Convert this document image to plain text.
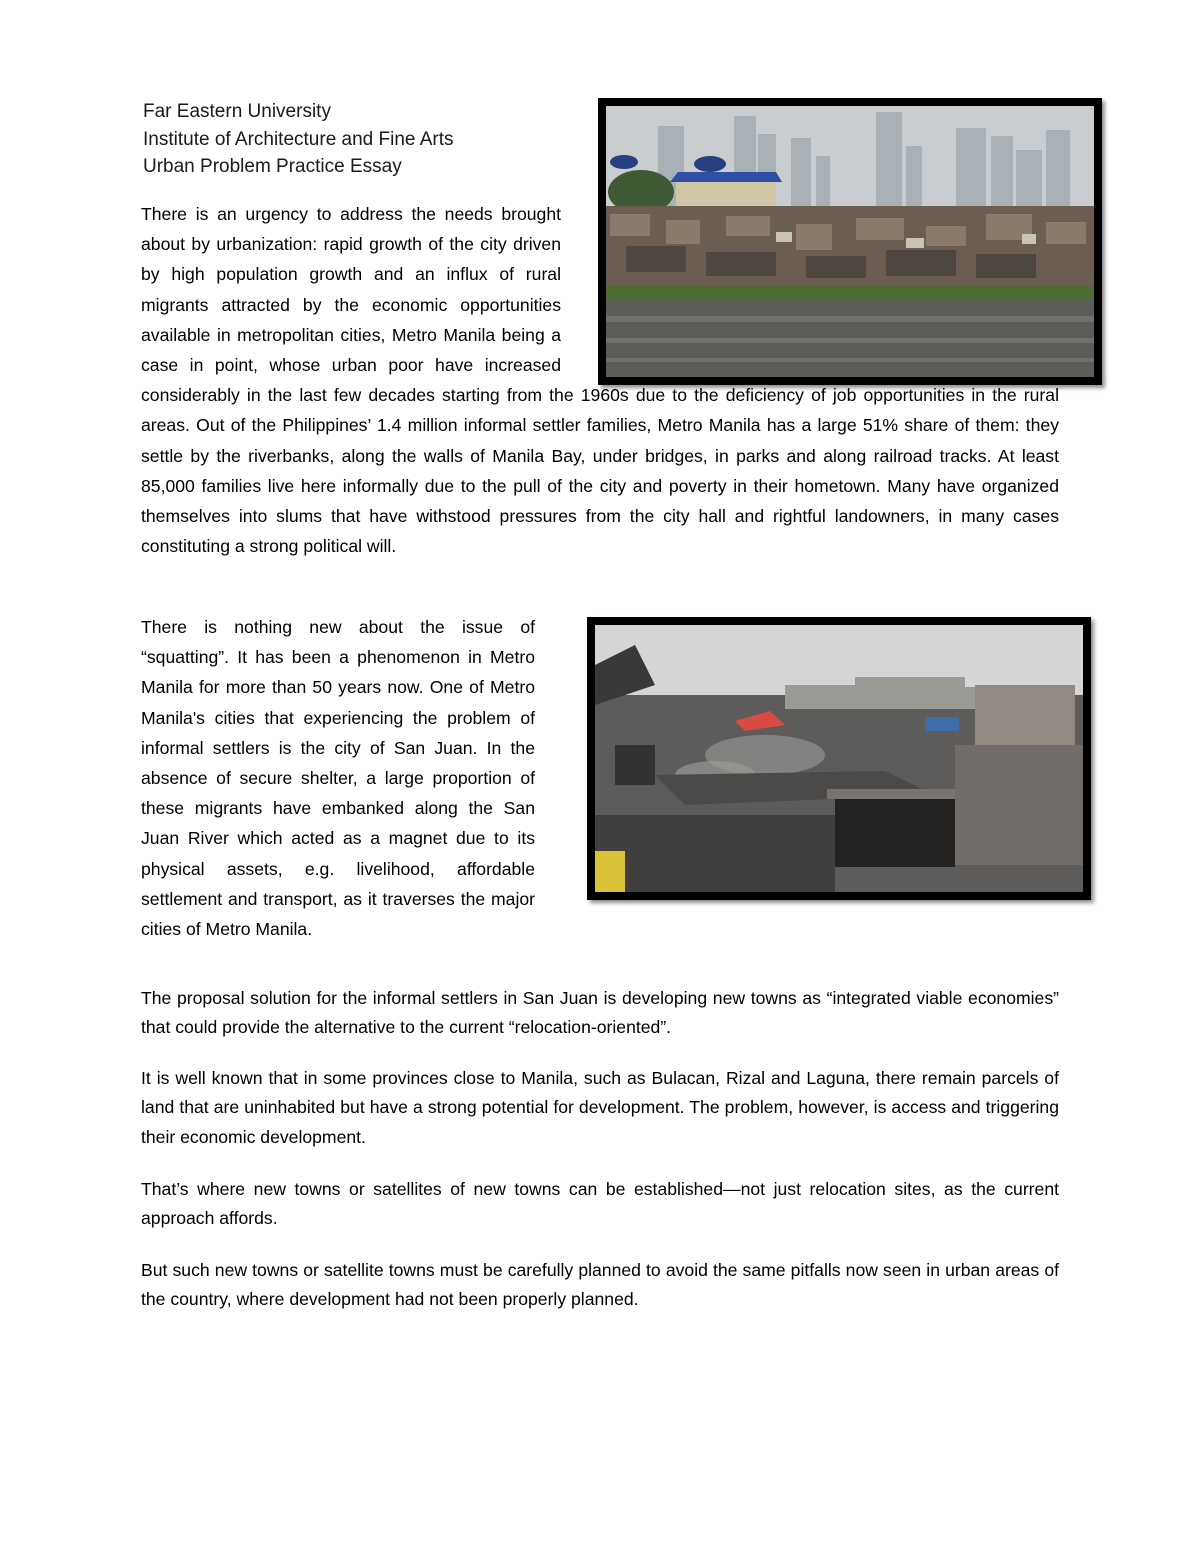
Far Eastern University
Institute of Architecture and Fine Arts
Urban Problem Practice Essay

There is an urgency to address the needs brought about by urbanization: rapid growth of the city driven by high population growth and an influx of rural migrants attracted by the economic opportunities available in metropolitan cities, Metro Manila being a case in point, whose urban poor have increased considerably in the last few decades starting from the 1960s due to the deficiency of job opportunities in the rural areas. Out of the Philippines’ 1.4 million informal settler families, Metro Manila has a large 51% share of them: they settle by the riverbanks, along the walls of Manila Bay, under bridges, in parks and along railroad tracks. At least 85,000 families live here informally due to the pull of the city and poverty in their hometown. Many have organized themselves into slums that have withstood pressures from the city hall and rightful landowners, in many cases constituting a strong political will.

There is nothing new about the issue of “squatting”. It has been a phenomenon in Metro Manila for more than 50 years now. One of Metro Manila's cities that experiencing the problem of informal settlers is the city of San Juan. In the absence of secure shelter, a large proportion of these migrants have embanked along the San Juan River which acted as a magnet due to its physical assets, e.g. livelihood, affordable settlement and transport, as it traverses the major cities of Metro Manila.

The proposal solution for the informal settlers in San Juan is developing new towns as “integrated viable economies” that could provide the alternative to the current “relocation-oriented”.

It is well known that in some provinces close to Manila, such as Bulacan, Rizal and Laguna, there remain parcels of land that are uninhabited but have a strong potential for development. The problem, however, is access and triggering their economic development.

That’s where new towns or satellites of new towns can be established—not just relocation sites, as the current approach affords.

But such new towns or satellite towns must be carefully planned to avoid the same pitfalls now seen in urban areas of the country, where development had not been properly planned.
